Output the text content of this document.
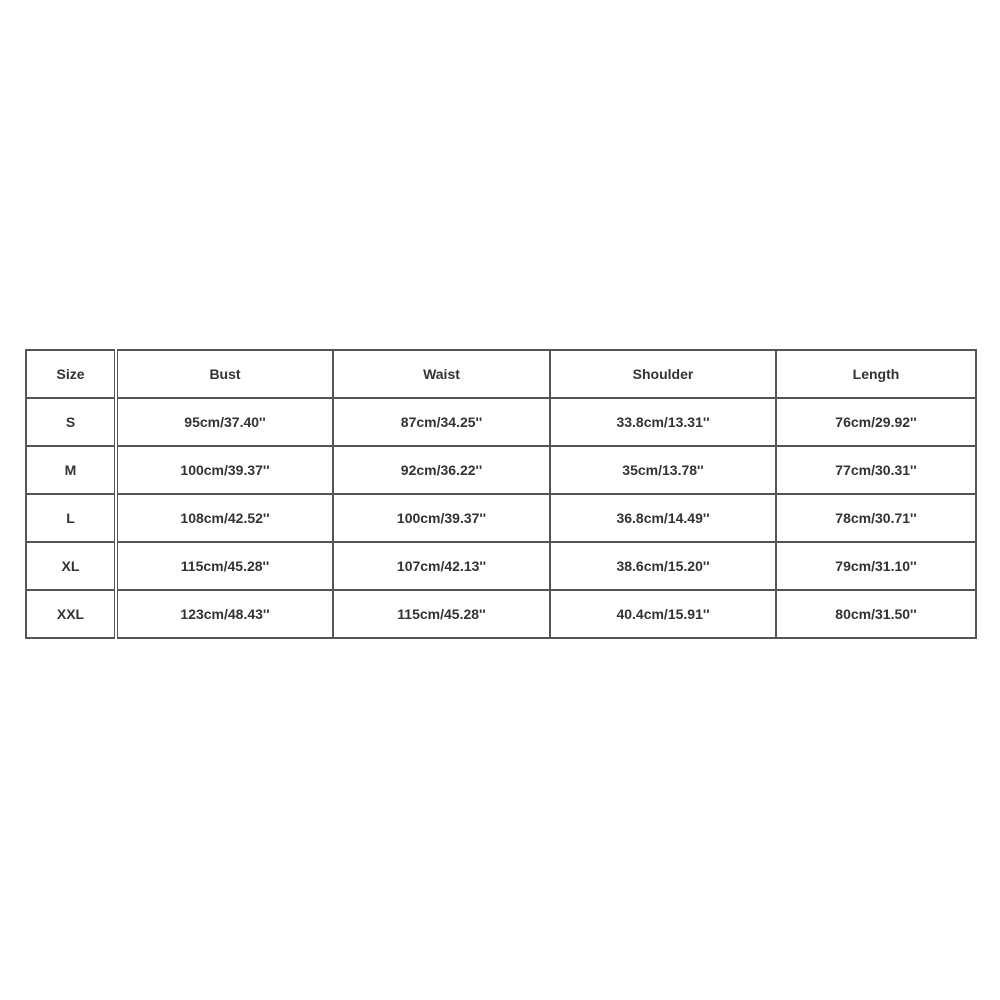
Size	Bust	Waist	Shoulder	Length
S	95cm/37.40''	87cm/34.25''	33.8cm/13.31''	76cm/29.92''
M	100cm/39.37''	92cm/36.22''	35cm/13.78''	77cm/30.31''
L	108cm/42.52''	100cm/39.37''	36.8cm/14.49''	78cm/30.71''
XL	115cm/45.28''	107cm/42.13''	38.6cm/15.20''	79cm/31.10''
XXL	123cm/48.43''	115cm/45.28''	40.4cm/15.91''	80cm/31.50''
